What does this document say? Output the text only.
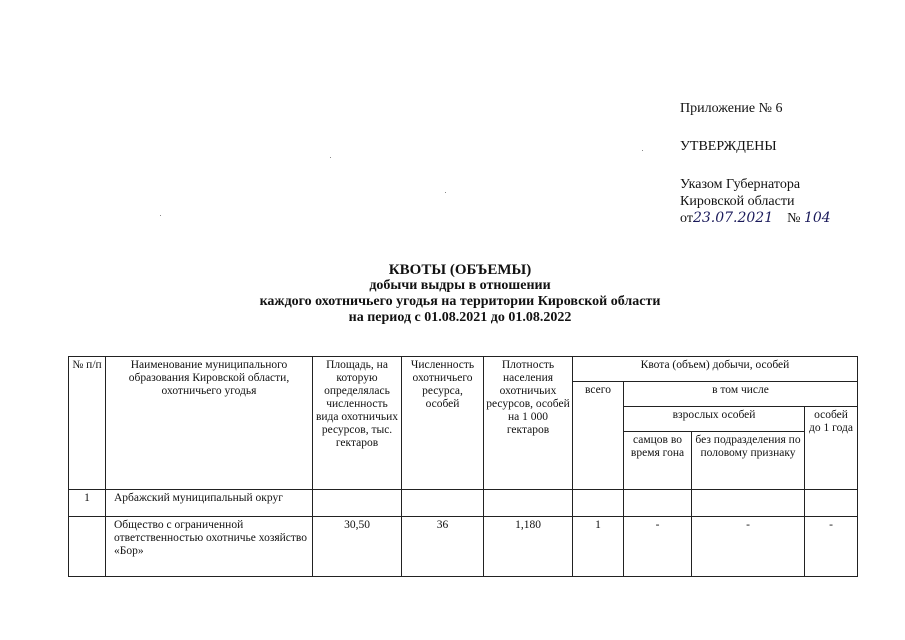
Приложение № 6
УТВЕРЖДЕНЫ
Указом Губернатора
Кировской области
от23.07.2021 № 104
КВОТЫ (ОБЪЕМЫ)
добычи выдры в отношении
каждого охотничьего угодья на территории Кировской области
на период с 01.08.2021 до 01.08.2022
№ п/п	Наименование муниципального образования Кировской области, охотничьего угодья	Площадь, на которую определялась численность вида охотничьих ресурсов, тыс. гектаров	Численность охотничьего ресурса, особей	Плотность населения охотничьих ресурсов, особей на 1 000 гектаров	Квота (объем) добычи, особей			
					всего	в том числе		
						взрослых особей		особей до 1 года
						самцов во время гона	без подразделения по половому признаку	
1	Арбажский муниципальный округ							
	Общество с ограниченной ответственностью охотничье хозяйство «Бор»	30,50	36	1,180	1	-	-	-
